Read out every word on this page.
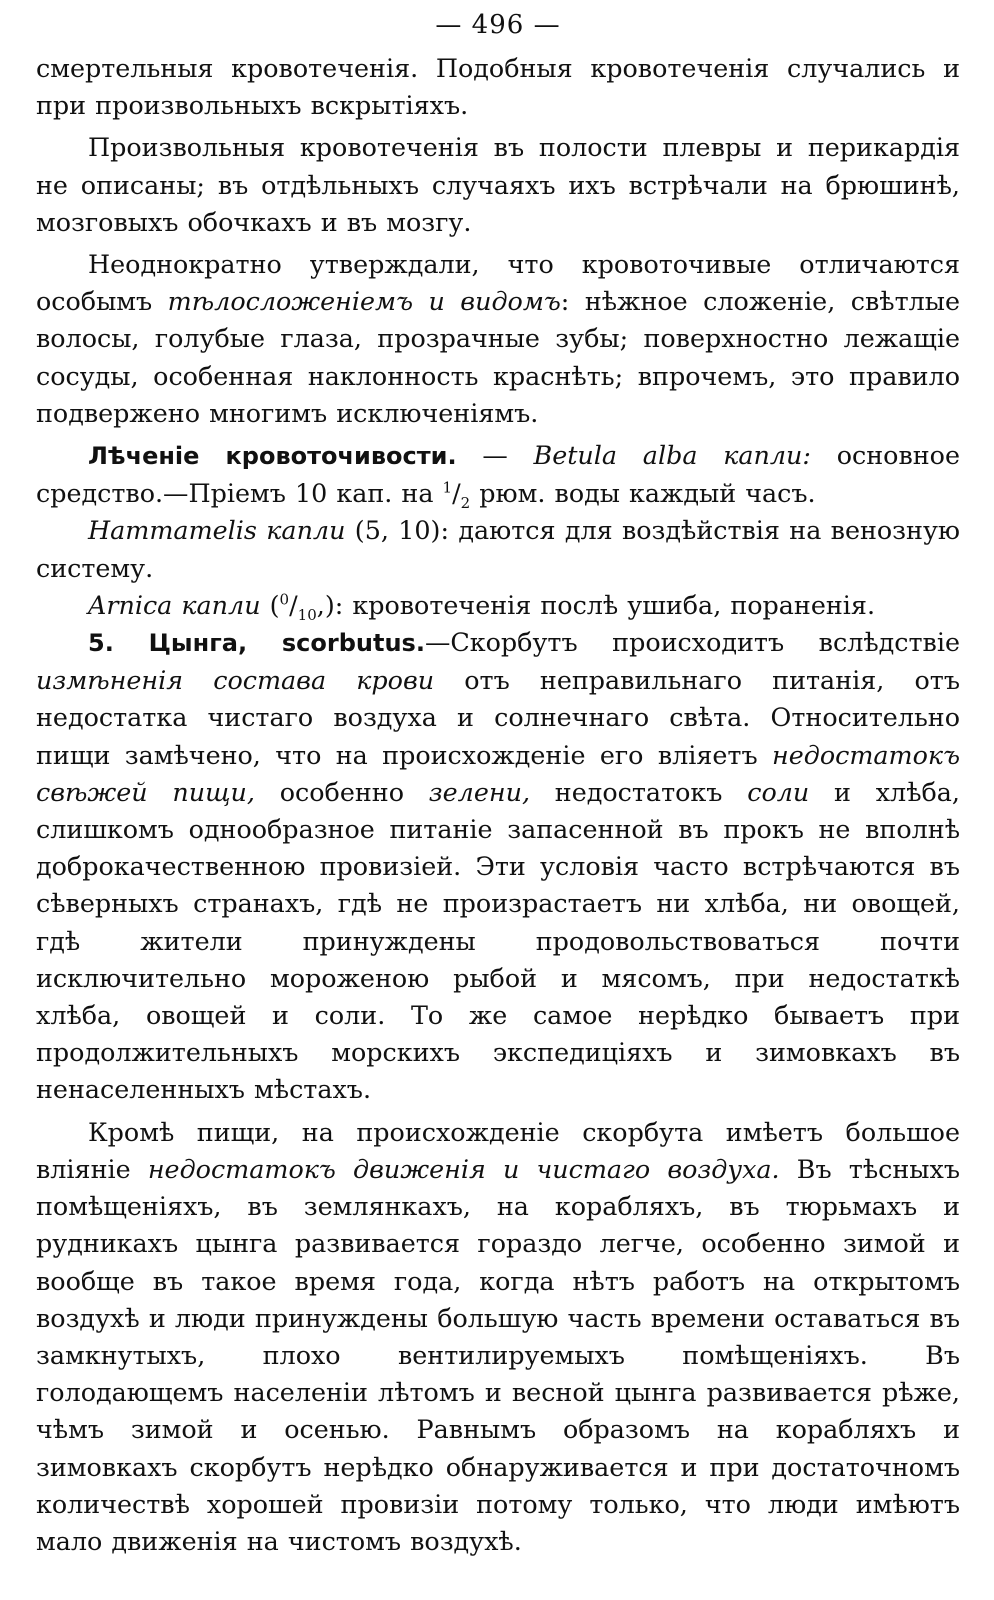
— 496 —

смертельныя кровотеченія. Подобныя кровотеченія случались и при произвольныхъ вскрытіяхъ.

Произвольныя кровотеченія въ полости плевры и перикардія не описаны; въ отдѣльныхъ случаяхъ ихъ встрѣчали на брюшинѣ, мозговыхъ обочкахъ и въ мозгу.

Неоднократно утверждали, что кровоточивые отличаются особымъ тѣлосложеніемъ и видомъ: нѣжное сложеніе, свѣтлые волосы, голубые глаза, прозрачные зубы; поверхностно лежащіе сосуды, особенная наклонность краснѣть; впрочемъ, это правило подвержено многимъ исключеніямъ.

Лѣченіе кровоточивости. — Betula alba капли: основное средство.—Пріемъ 10 кап. на $^1/_2$ рюм. воды каждый часъ.

Hammamelis капли (5, 10): даются для воздѣйствія на венозную систему.

Arnica капли $(^0/_{10},)$: кровотеченія послѣ ушиба, пораненія.

5. Цынга, scorbutus.—Скорбутъ происходитъ вслѣдствіе измѣненія состава крови отъ неправильнаго питанія, отъ недостатка чистаго воздуха и солнечнаго свѣта. Относительно пищи замѣчено, что на происхожденіе его вліяетъ недостатокъ свѣжей пищи, особенно зелени, недостатокъ соли и хлѣба, слишкомъ однообразное питаніе запасенной въ прокъ не вполнѣ доброкачественною провизіей. Эти условія часто встрѣчаются въ сѣверныхъ странахъ, гдѣ не произрастаетъ ни хлѣба, ни овощей, гдѣ жители принуждены продовольствоваться почти исключительно мороженою рыбой и мясомъ, при недостаткѣ хлѣба, овощей и соли. То же самое нерѣдко бываетъ при продолжительныхъ морскихъ экспедиціяхъ и зимовкахъ въ ненаселенныхъ мѣстахъ.

Кромѣ пищи, на происхожденіе скорбута имѣетъ большое вліяніе недостатокъ движенія и чистаго воздуха. Въ тѣсныхъ помѣщеніяхъ, въ землянкахъ, на корабляхъ, въ тюрьмахъ и рудникахъ цынга развивается гораздо легче, особенно зимой и вообще въ такое время года, когда нѣтъ работъ на открытомъ воздухѣ и люди принуждены большую часть времени оставаться въ замкнутыхъ, плохо вентилируемыхъ помѣщеніяхъ. Въ голодающемъ населеніи лѣтомъ и весной цынга развивается рѣже, чѣмъ зимой и осенью. Равнымъ образомъ на корабляхъ и зимовкахъ скорбутъ нерѣдко обнаруживается и при достаточномъ количествѣ хорошей провизіи потому только, что люди имѣютъ мало движенія на чистомъ воздухѣ.
